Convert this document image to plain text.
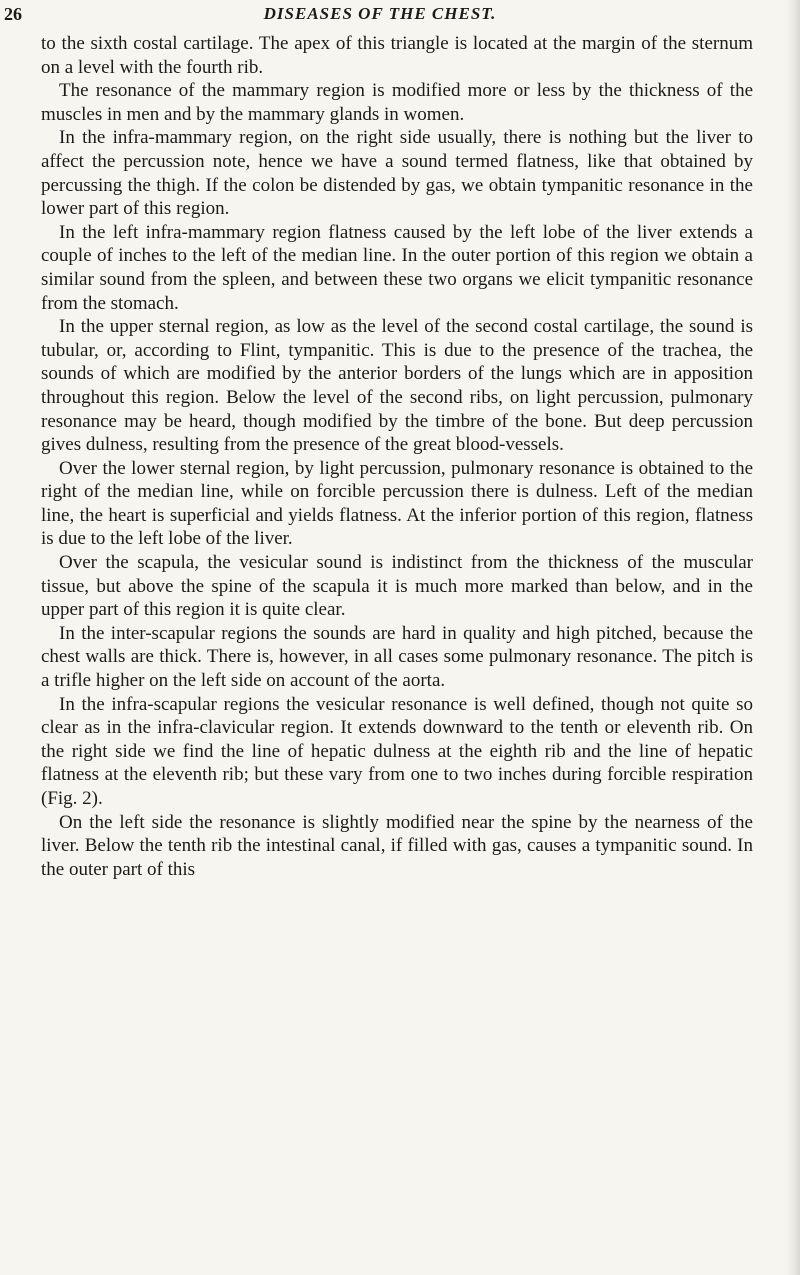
26	DISEASES OF THE CHEST.

to the sixth costal cartilage. The apex of this triangle is located at the margin of the sternum on a level with the fourth rib.

The resonance of the mammary region is modified more or less by the thickness of the muscles in men and by the mammary glands in women.

In the infra-mammary region, on the right side usually, there is nothing but the liver to affect the percussion note, hence we have a sound termed flatness, like that obtained by percussing the thigh. If the colon be distended by gas, we obtain tympanitic resonance in the lower part of this region.

In the left infra-mammary region flatness caused by the left lobe of the liver extends a couple of inches to the left of the median line. In the outer portion of this region we obtain a similar sound from the spleen, and between these two organs we elicit tympanitic resonance from the stomach.

In the upper sternal region, as low as the level of the second costal cartilage, the sound is tubular, or, according to Flint, tympanitic. This is due to the presence of the trachea, the sounds of which are modified by the anterior borders of the lungs which are in apposition throughout this region. Below the level of the second ribs, on light percussion, pulmonary resonance may be heard, though modified by the timbre of the bone. But deep percussion gives dulness, resulting from the presence of the great blood-vessels.

Over the lower sternal region, by light percussion, pulmonary resonance is obtained to the right of the median line, while on forcible percussion there is dulness. Left of the median line, the heart is superficial and yields flatness. At the inferior portion of this region, flatness is due to the left lobe of the liver.

Over the scapula, the vesicular sound is indistinct from the thickness of the muscular tissue, but above the spine of the scapula it is much more marked than below, and in the upper part of this region it is quite clear.

In the inter-scapular regions the sounds are hard in quality and high pitched, because the chest walls are thick. There is, however, in all cases some pulmonary resonance. The pitch is a trifle higher on the left side on account of the aorta.

In the infra-scapular regions the vesicular resonance is well defined, though not quite so clear as in the infra-clavicular region. It extends downward to the tenth or eleventh rib. On the right side we find the line of hepatic dulness at the eighth rib and the line of hepatic flatness at the eleventh rib; but these vary from one to two inches during forcible respiration (Fig. 2).

On the left side the resonance is slightly modified near the spine by the nearness of the liver. Below the tenth rib the intestinal canal, if filled with gas, causes a tympanitic sound. In the outer part of this
